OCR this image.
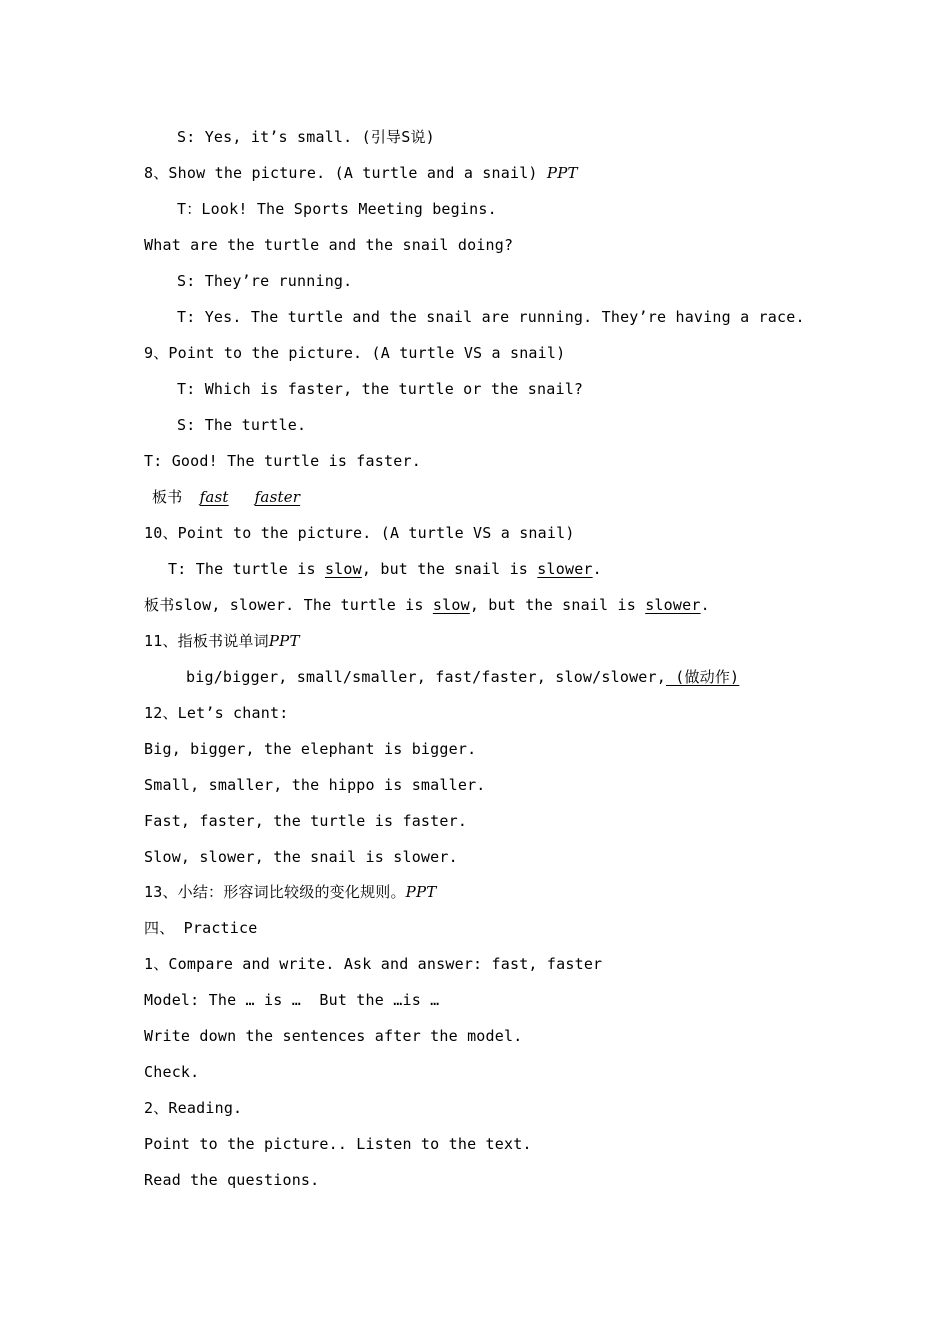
S: Yes, it’s small. (引导S说)
8、Show the picture. (A turtle and a snail) PPT
T：Look! The Sports Meeting begins.
What are the turtle and the snail doing?
S: They’re running.
T: Yes. The turtle and the snail are running. They’re having a race.
9、Point to the picture. (A turtle VS a snail)
T: Which is faster, the turtle or the snail?
S: The turtle.
T: Good! The turtle is faster.
板书 fast faster
10、Point to the picture. (A turtle VS a snail)
T: The turtle is slow, but the snail is slower.
板书slow, slower. The turtle is slow, but the snail is slower.
11、指板书说单词PPT
big/bigger, small/smaller, fast/faster, slow/slower, (做动作)
12、Let’s chant:
Big, bigger, the elephant is bigger.
Small, smaller, the hippo is smaller.
Fast, faster, the turtle is faster.
Slow, slower, the snail is slower.
13、小结：形容词比较级的变化规则。PPT
四、 Practice
1、Compare and write. Ask and answer: fast, faster
Model: The … is …  But the …is …
Write down the sentences after the model.
Check.
2、Reading.
Point to the picture.. Listen to the text.
Read the questions.
